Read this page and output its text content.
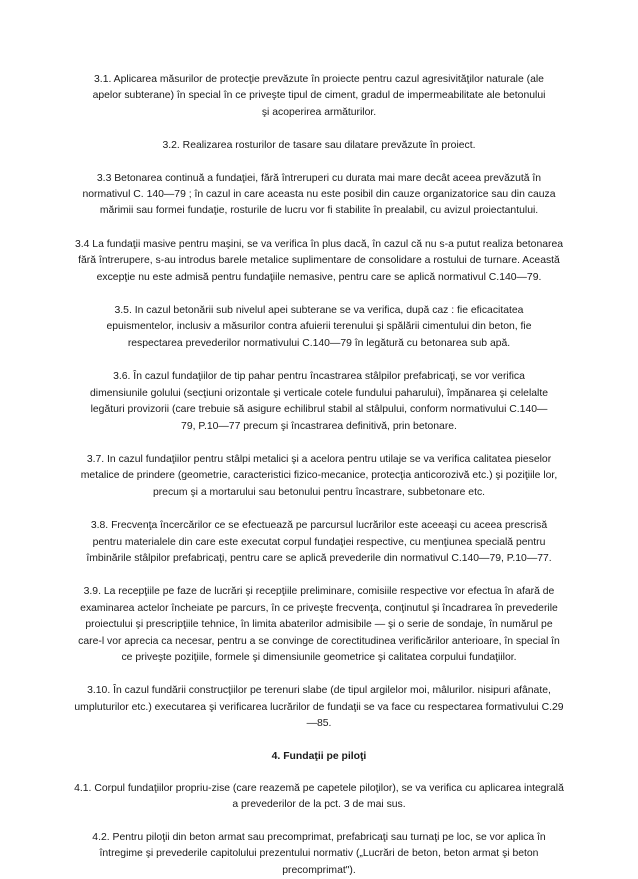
3.1. Aplicarea măsurilor de protecţie prevăzute în proiecte pentru cazul agresivităţilor naturale (ale apelor subterane) în special în ce priveşte tipul de ciment, gradul de impermeabilitate ale betonului şi acoperirea armăturilor.

3.2. Realizarea rosturilor de tasare sau dilatare prevăzute în proiect.

3.3 Betonarea continuă a fundaţiei, fără întreruperi cu durata mai mare decât aceea prevăzută în normativul C. 140—79 ; în cazul in care aceasta nu este posibil din cauze organizatorice sau din cauza mărimii sau formei fundaţie, rosturile de lucru vor fi stabilite în prealabil, cu avizul proiectantului.

3.4 La fundaţii masive pentru maşini, se va verifica în plus dacă, în cazul că nu s-a putut realiza betonarea fără întrerupere, s-au introdus barele metalice suplimentare de consolidare a rostului de turnare. Această excepţie nu este admisă pentru fundaţiile nemasive, pentru care se aplică normativul C.140—79.

3.5. In cazul betonării sub nivelul apei subterane se va verifica, după caz : fie eficacitatea epuismentelor, inclusiv a măsurilor contra afuierii terenului şi spălării cimentului din beton, fie respectarea prevederilor normativului C.140—79 în legătură cu betonarea sub apă.

3.6. În cazul fundaţiilor de tip pahar pentru încastrarea stâlpilor prefabricaţi, se vor verifica dimensiunile golului (secţiuni orizontale şi verticale cotele fundului paharului), împănarea şi celelalte legături provizorii (care trebuie să asigure echilibrul stabil al stâlpului, conform normativului C.140—79, P.10—77 precum şi încastrarea definitivă, prin betonare.

3.7. In cazul fundaţiilor pentru stâlpi metalici şi a acelora pentru utilaje se va verifica calitatea pieselor metalice de prindere (geometrie, caracteristici fizico-mecanice, protecţia anticorozivă etc.) şi poziţiile lor, precum şi a mortarului sau betonului pentru încastrare, subbetonare etc.

3.8. Frecvenţa încercărilor ce se efectuează pe parcursul lucrărilor este aceeaşi cu aceea prescrisă pentru materialele din care este executat corpul fundaţiei respective, cu menţiunea specială pentru îmbinările stâlpilor prefabricaţi, pentru care se aplică prevederile din normativul C.140—79, P.10—77.

3.9. La recepţiile pe faze de lucrări şi recepţiile preliminare, comisiile respective vor efectua în afară de examinarea actelor încheiate pe parcurs, în ce priveşte frecvenţa, conţinutul şi încadrarea în prevederile proiectului şi prescripţiile tehnice, în limita abaterilor admisibile — şi o serie de sondaje, în numărul pe care-l vor aprecia ca necesar, pentru a se convinge de corectitudinea verificărilor anterioare, în special în ce priveşte poziţiile, formele şi dimensiunile geometrice şi calitatea corpului fundaţiilor.

3.10. În cazul fundării construcţiilor pe terenuri slabe (de tipul argilelor moi, mâlurilor. nisipuri afânate, umpluturilor etc.) executarea şi verificarea lucrărilor de fundaţii se va face cu respectarea formativului C.29—85.

4. Fundaţii pe piloţi

4.1. Corpul fundaţiilor propriu-zise (care reazemă pe capetele piloţilor), se va verifica cu aplicarea integrală a prevederilor de la pct. 3 de mai sus.

4.2. Pentru piloţii din beton armat sau precomprimat, prefabricaţi sau turnaţi pe loc, se vor aplica în întregime şi prevederile capitolului prezentului normativ („Lucrări de beton, beton armat şi beton precomprimat").
